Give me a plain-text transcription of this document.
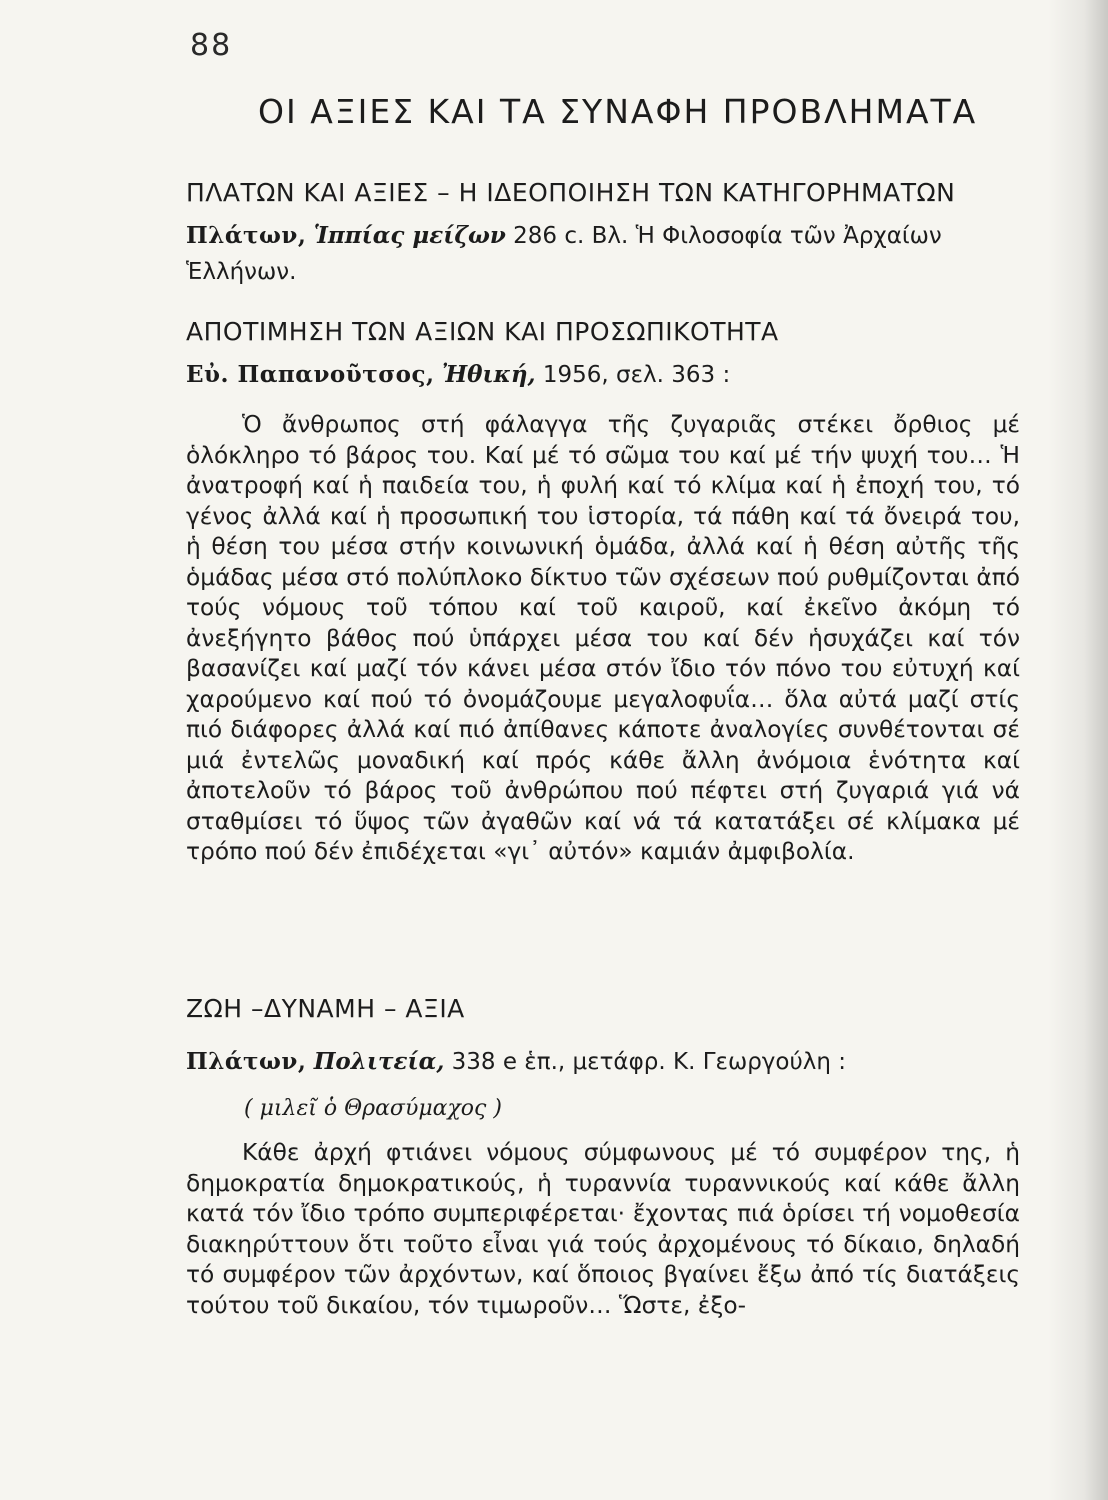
88
ΟΙ ΑΞΙΕΣ ΚΑΙ ΤΑ ΣΥΝΑΦΗ ΠΡΟΒΛΗΜΑΤΑ
ΠΛΑΤΩΝ ΚΑΙ ΑΞΙΕΣ – Η ΙΔΕΟΠΟΙΗΣΗ ΤΩΝ ΚΑΤΗΓΟΡΗΜΑΤΩΝ
Πλάτων, Ἱππίας μείζων 286 c. Βλ. Ἡ Φιλοσοφία τῶν Ἀρχαίων Ἑλλήνων.
ΑΠΟΤΙΜΗΣΗ ΤΩΝ ΑΞΙΩΝ ΚΑΙ ΠΡΟΣΩΠΙΚΟΤΗΤΑ
Εὐ. Παπανοῦτσος, Ἠθική, 1956, σελ. 363 :

Ὁ ἄνθρωπος στή φάλαγγα τῆς ζυγαριᾶς στέκει ὄρθιος μέ ὁλόκληρο τό βάρος του. Καί μέ τό σῶμα του καί μέ τήν ψυχή του… Ἡ ἀνατροφή καί ἡ παιδεία του, ἡ φυλή καί τό κλίμα καί ἡ ἐποχή του, τό γένος ἀλλά καί ἡ προσωπική του ἱστορία, τά πάθη καί τά ὄνειρά του, ἡ θέση του μέσα στήν κοινωνική ὁμάδα, ἀλλά καί ἡ θέση αὐτῆς τῆς ὁμάδας μέσα στό πολύπλοκο δίκτυο τῶν σχέσεων πού ρυθμίζονται ἀπό τούς νόμους τοῦ τόπου καί τοῦ καιροῦ, καί ἐκεῖνο ἀκόμη τό ἀνεξήγητο βάθος πού ὑπάρχει μέσα του καί δέν ἡσυχάζει καί τόν βασανίζει καί μαζί τόν κάνει μέσα στόν ἴδιο τόν πόνο του εὐτυχή καί χαρούμενο καί πού τό ὀνομάζουμε μεγαλοφυΐα… ὅλα αὐτά μαζί στίς πιό διάφορες ἀλλά καί πιό ἀπίθανες κάποτε ἀναλογίες συνθέτονται σέ μιά ἐντελῶς μοναδική καί πρός κάθε ἄλλη ἀνόμοια ἑνότητα καί ἀποτελοῦν τό βάρος τοῦ ἀνθρώπου πού πέφτει στή ζυγαριά γιά νά σταθμίσει τό ὕψος τῶν ἀγαθῶν καί νά τά κατατάξει σέ κλίμακα μέ τρόπο πού δέν ἐπιδέχεται «γι᾽ αὐτόν» καμιάν ἀμφιβολία.

ΖΩΗ –ΔΥΝΑΜΗ – ΑΞΙΑ
Πλάτων, Πολιτεία, 338 e ἑπ., μετάφρ. Κ. Γεωργούλη :
( μιλεῖ ὁ Θρασύμαχος )

Κάθε ἀρχή φτιάνει νόμους σύμφωνους μέ τό συμφέρον της, ἡ δημοκρατία δημοκρατικούς, ἡ τυραννία τυραννικούς καί κάθε ἄλλη κατά τόν ἴδιο τρόπο συμπεριφέρεται· ἔχοντας πιά ὁρίσει τή νομοθεσία διακηρύττουν ὅτι τοῦτο εἶναι γιά τούς ἀρχομένους τό δίκαιο, δηλαδή τό συμφέρον τῶν ἀρχόντων, καί ὅποιος βγαίνει ἔξω ἀπό τίς διατάξεις τούτου τοῦ δικαίου, τόν τιμωροῦν… Ὥστε, ἐξο-
